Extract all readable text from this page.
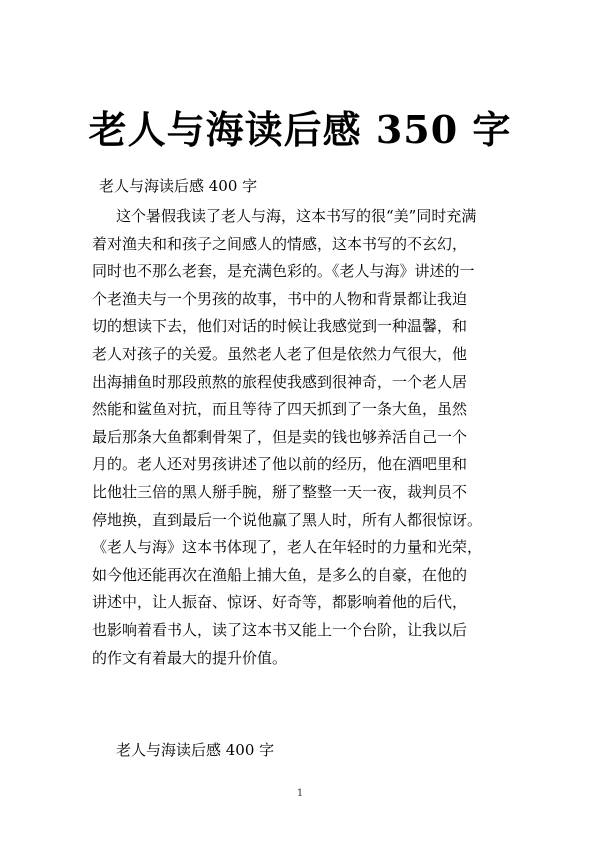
老人与海读后感 350 字
老人与海读后感 400 字
这个暑假我读了老人与海，这本书写的很“美”同时充满
着对渔夫和和孩子之间感人的情感，这本书写的不玄幻，
同时也不那么老套，是充满色彩的。《老人与海》讲述的一
个老渔夫与一个男孩的故事，书中的人物和背景都让我迫
切的想读下去，他们对话的时候让我感觉到一种温馨，和
老人对孩子的关爱。虽然老人老了但是依然力气很大，他
出海捕鱼时那段煎熬的旅程使我感到很神奇，一个老人居
然能和鲨鱼对抗，而且等待了四天抓到了一条大鱼，虽然
最后那条大鱼都剩骨架了，但是卖的钱也够养活自己一个
月的。老人还对男孩讲述了他以前的经历，他在酒吧里和
比他壮三倍的黑人掰手腕，掰了整整一天一夜，裁判员不
停地换，直到最后一个说他赢了黑人时，所有人都很惊讶。
《老人与海》这本书体现了，老人在年轻时的力量和光荣，
如今他还能再次在渔船上捕大鱼，是多么的自豪，在他的
讲述中，让人振奋、惊讶、好奇等，都影响着他的后代，
也影响着看书人，读了这本书又能上一个台阶，让我以后
的作文有着最大的提升价值。
老人与海读后感 400 字
1
